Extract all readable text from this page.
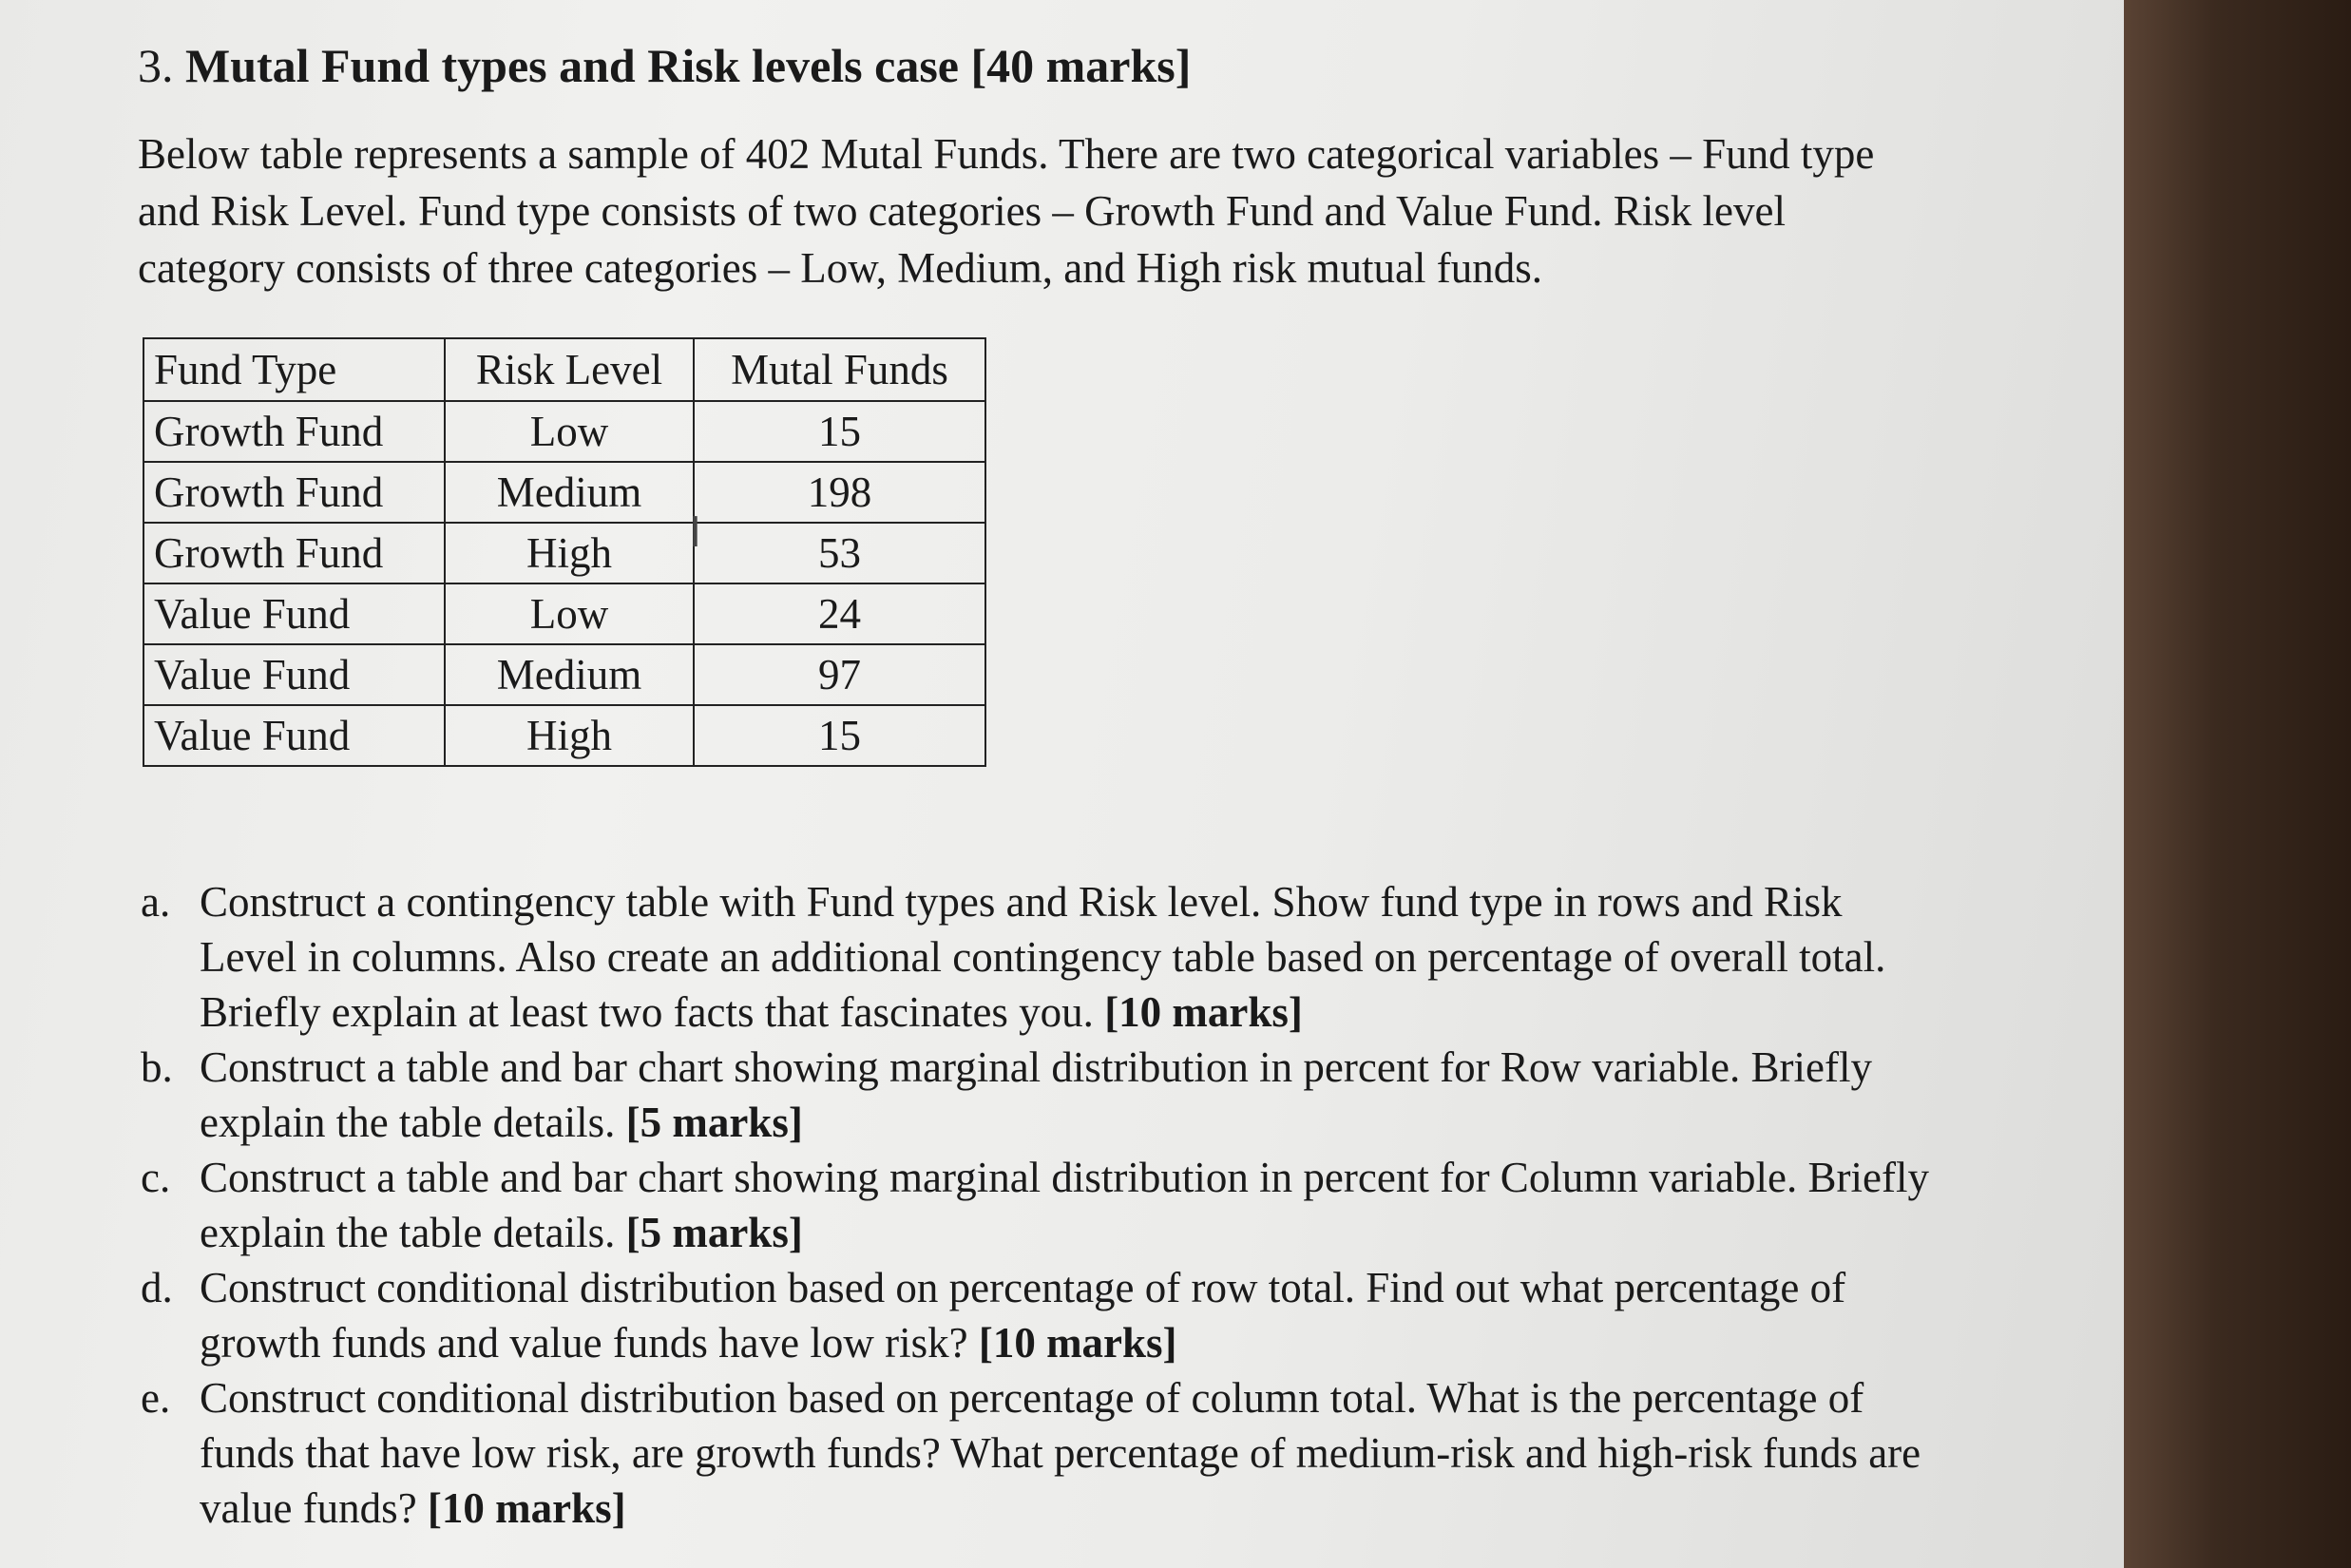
3. Mutal Fund types and Risk levels case [40 marks]
Below table represents a sample of 402 Mutal Funds. There are two categorical variables – Fund type and Risk Level. Fund type consists of two categories – Growth Fund and Value Fund. Risk level category consists of three categories – Low, Medium, and High risk mutual funds.
Fund Type	Risk Level	Mutal Funds
Growth Fund	Low	15
Growth Fund	Medium	198
Growth Fund	High	53
Value Fund	Low	24
Value Fund	Medium	97
Value Fund	High	15
I
a. Construct a contingency table with Fund types and Risk level. Show fund type in rows and Risk Level in columns. Also create an additional contingency table based on percentage of overall total. Briefly explain at least two facts that fascinates you. [10 marks]
b. Construct a table and bar chart showing marginal distribution in percent for Row variable. Briefly explain the table details. [5 marks]
c. Construct a table and bar chart showing marginal distribution in percent for Column variable. Briefly explain the table details. [5 marks]
d. Construct conditional distribution based on percentage of row total. Find out what percentage of growth funds and value funds have low risk? [10 marks]
e. Construct conditional distribution based on percentage of column total. What is the percentage of funds that have low risk, are growth funds? What percentage of medium-risk and high-risk funds are value funds? [10 marks]
